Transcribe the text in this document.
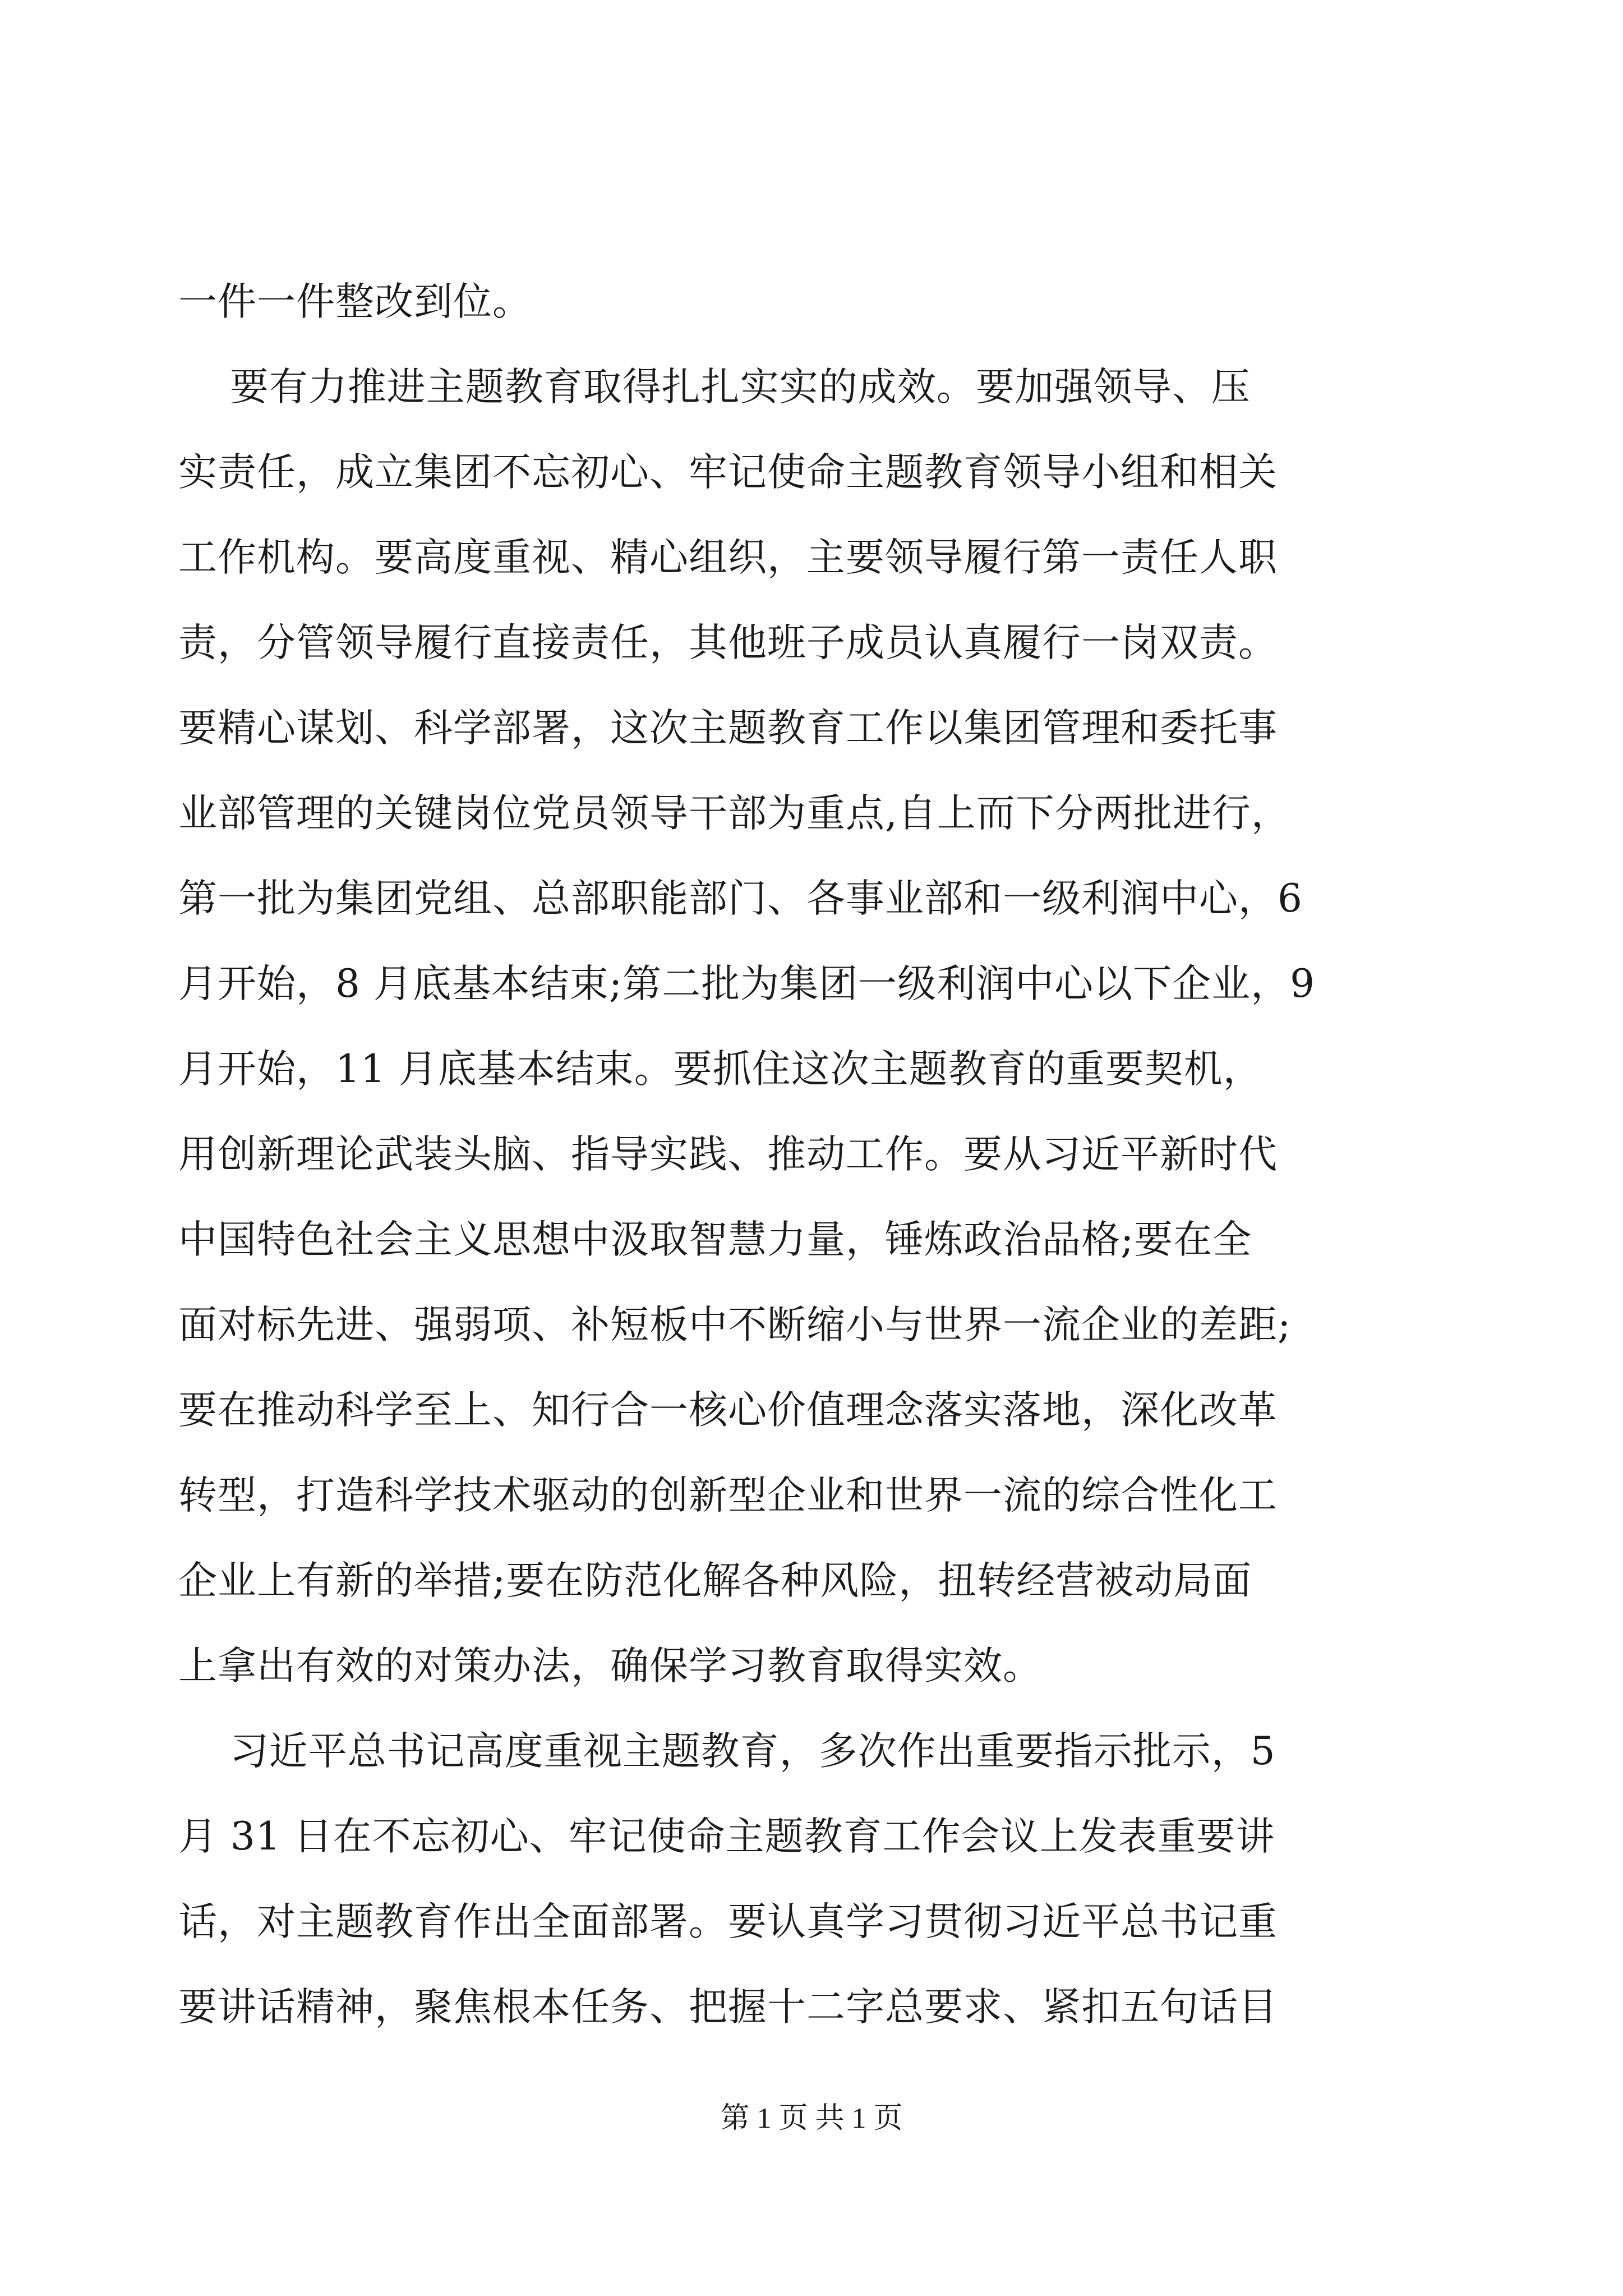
一件一件整改到位。
要有力推进主题教育取得扎扎实实的成效。要加强领导、压
实责任，成立集团不忘初心、牢记使命主题教育领导小组和相关
工作机构。要高度重视、精心组织，主要领导履行第一责任人职
责，分管领导履行直接责任，其他班子成员认真履行一岗双责。
要精心谋划、科学部署，这次主题教育工作以集团管理和委托事
业部管理的关键岗位党员领导干部为重点,自上而下分两批进行，
第一批为集团党组、总部职能部门、各事业部和一级利润中心，6
月开始，8 月底基本结束;第二批为集团一级利润中心以下企业，9
月开始，11 月底基本结束。要抓住这次主题教育的重要契机，
用创新理论武装头脑、指导实践、推动工作。要从习近平新时代
中国特色社会主义思想中汲取智慧力量，锤炼政治品格;要在全
面对标先进、强弱项、补短板中不断缩小与世界一流企业的差距;
要在推动科学至上、知行合一核心价值理念落实落地，深化改革
转型，打造科学技术驱动的创新型企业和世界一流的综合性化工
企业上有新的举措;要在防范化解各种风险，扭转经营被动局面
上拿出有效的对策办法，确保学习教育取得实效。
习近平总书记高度重视主题教育，多次作出重要指示批示，5
月 31 日在不忘初心、牢记使命主题教育工作会议上发表重要讲
话，对主题教育作出全面部署。要认真学习贯彻习近平总书记重
要讲话精神，聚焦根本任务、把握十二字总要求、紧扣五句话目
第 1 页 共 1 页
